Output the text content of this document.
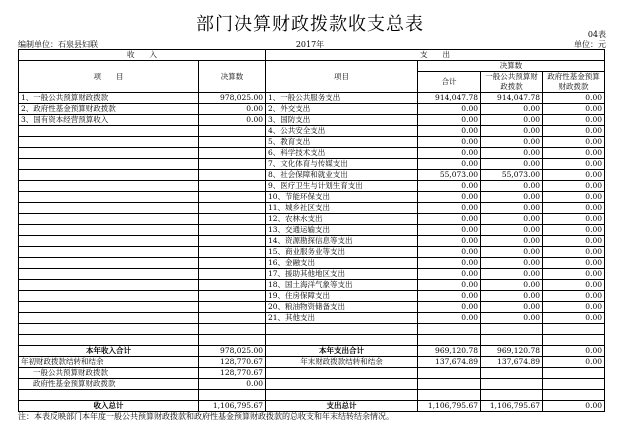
部门决算财政拨款收支总表	04表
编制单位：石泉县妇联	2017年	单位：元
收　　入		支　　出			
项　　目	决算数	项目	决算数		
			合计	一般公共预算财政拨款	政府性基金预算财政拨款

1、一般公共预算财政拨款	978,025.00	1、一般公共服务支出	914,047.78	914,047.78	0.00
2、政府性基金预算财政拨款	0.00	2、外交支出	0.00	0.00	0.00
3、国有资本经营预算收入	0.00	3、国防支出	0.00	0.00	0.00
		4、公共安全支出	0.00	0.00	0.00
		5、教育支出	0.00	0.00	0.00
		6、科学技术支出	0.00	0.00	0.00
		7、文化体育与传媒支出	0.00	0.00	0.00
		8、社会保障和就业支出	55,073.00	55,073.00	0.00
		9、医疗卫生与计划生育支出	0.00	0.00	0.00
		10、节能环保支出	0.00	0.00	0.00
		11、城乡社区支出	0.00	0.00	0.00
		12、农林水支出	0.00	0.00	0.00
		13、交通运输支出	0.00	0.00	0.00
		14、资源勘探信息等支出	0.00	0.00	0.00
		15、商业服务业等支出	0.00	0.00	0.00
		16、金融支出	0.00	0.00	0.00
		17、援助其他地区支出	0.00	0.00	0.00
		18、国土海洋气象等支出	0.00	0.00	0.00
		19、住房保障支出	0.00	0.00	0.00
		20、粮油物资储备支出	0.00	0.00	0.00
		21、其他支出	0.00	0.00	0.00

本年收入合计	978,025.00	本年支出合计	969,120.78	969,120.78	0.00
年初财政拨款结转和结余	128,770.67	年末财政拨款结转和结余	137,674.89	137,674.89	0.00
一般公共预算财政拨款	128,770.67				
政府性基金预算财政拨款	0.00				

收入总计	1,106,795.67	支出总计	1,106,795.67	1,106,795.67	0.00
注：本表反映部门本年度一般公共预算财政拨款和政府性基金预算财政拨款的总收支和年末结转结余情况。
